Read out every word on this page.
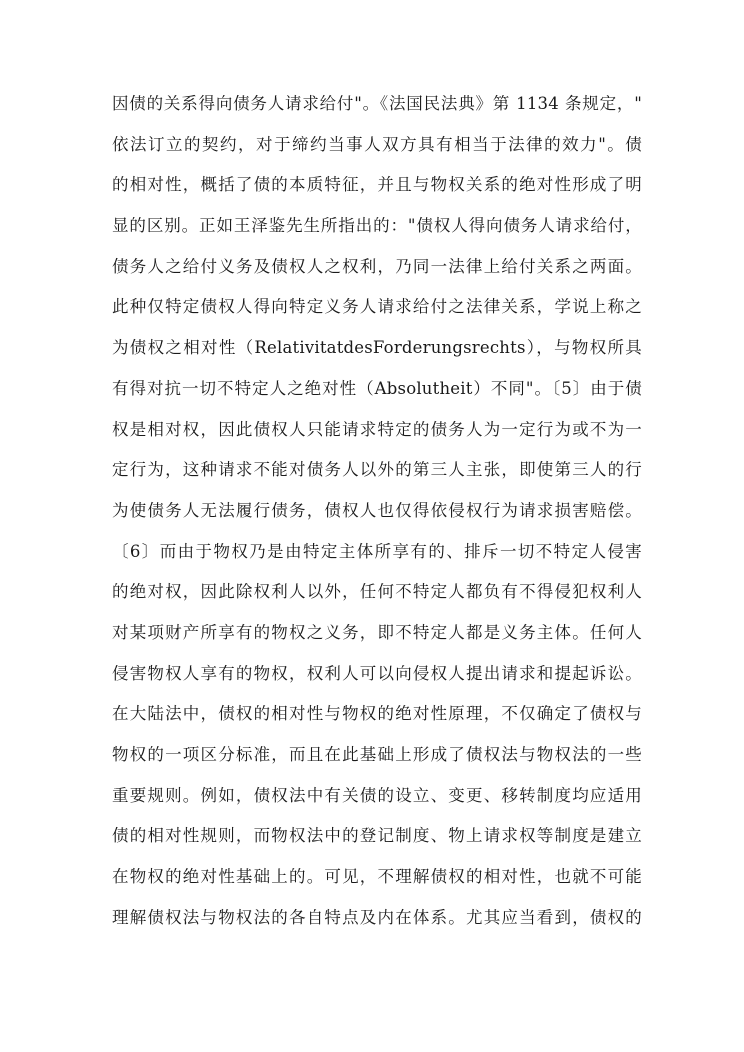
因债的关系得向债务人请求给付"。《法国民法典》第 1134 条规定，"
依法订立的契约，对于缔约当事人双方具有相当于法律的效力"。债
的相对性，概括了债的本质特征，并且与物权关系的绝对性形成了明
显的区别。正如王泽鉴先生所指出的："债权人得向债务人请求给付，
债务人之给付义务及债权人之权利，乃同一法律上给付关系之两面。
此种仅特定债权人得向特定义务人请求给付之法律关系，学说上称之
为债权之相对性（RelativitatdesForderungsrechts），与物权所具
有得对抗一切不特定人之绝对性（Absolutheit）不同"。〔5〕由于债
权是相对权，因此债权人只能请求特定的债务人为一定行为或不为一
定行为，这种请求不能对债务人以外的第三人主张，即使第三人的行
为使债务人无法履行债务，债权人也仅得依侵权行为请求损害赔偿。
〔6〕而由于物权乃是由特定主体所享有的、排斥一切不特定人侵害
的绝对权，因此除权利人以外，任何不特定人都负有不得侵犯权利人
对某项财产所享有的物权之义务，即不特定人都是义务主体。任何人
侵害物权人享有的物权，权利人可以向侵权人提出请求和提起诉讼。
在大陆法中，债权的相对性与物权的绝对性原理，不仅确定了债权与
物权的一项区分标准，而且在此基础上形成了债权法与物权法的一些
重要规则。例如，债权法中有关债的设立、变更、移转制度均应适用
债的相对性规则，而物权法中的登记制度、物上请求权等制度是建立
在物权的绝对性基础上的。可见，不理解债权的相对性，也就不可能
理解债权法与物权法的各自特点及内在体系。尤其应当看到，债权的
